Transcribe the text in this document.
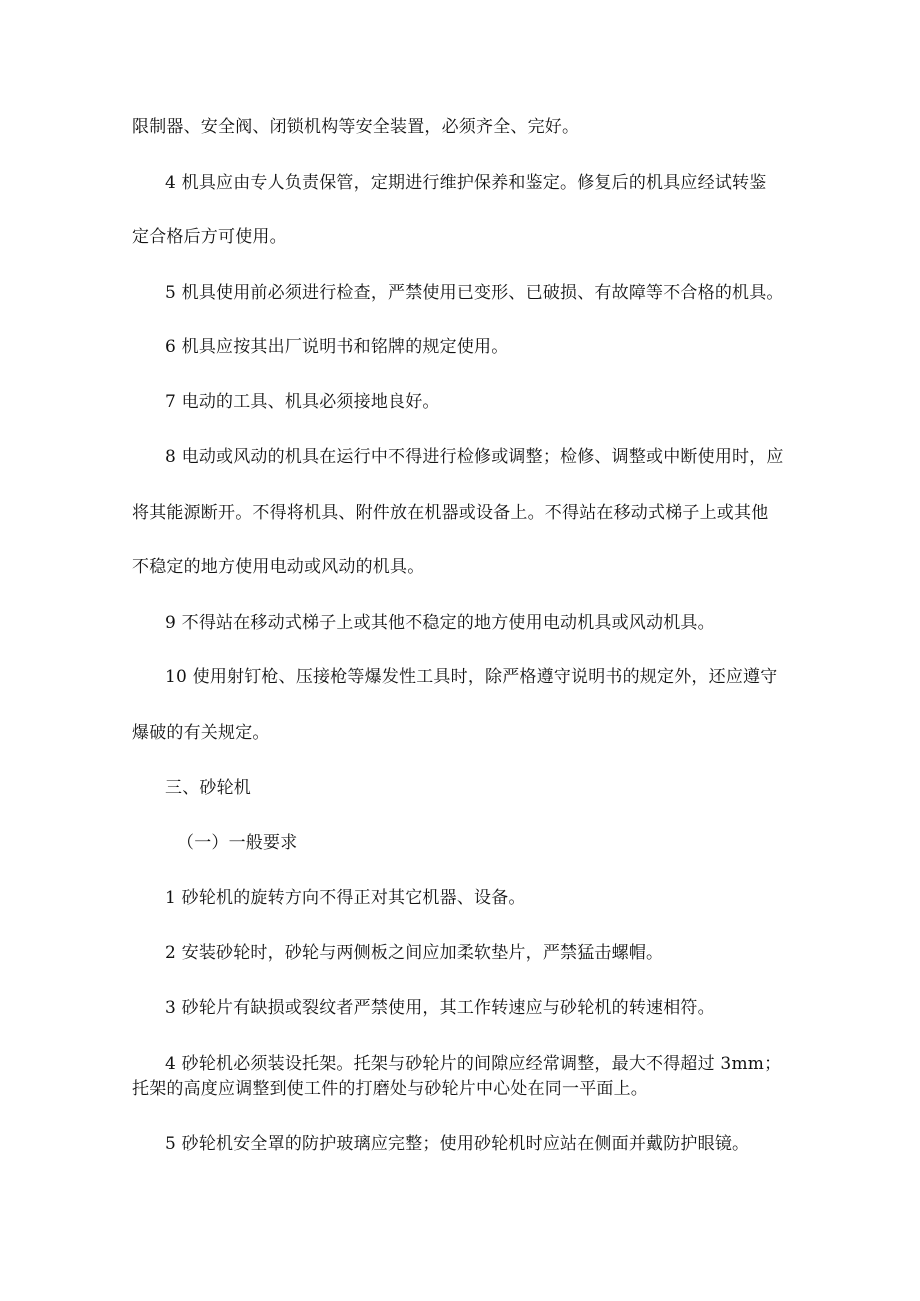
限制器、安全阀、闭锁机构等安全装置，必须齐全、完好。

4 机具应由专人负责保管，定期进行维护保养和鉴定。修复后的机具应经试转鉴

定合格后方可使用。

5 机具使用前必须进行检查，严禁使用已变形、已破损、有故障等不合格的机具。

6 机具应按其出厂说明书和铭牌的规定使用。

7 电动的工具、机具必须接地良好。

8 电动或风动的机具在运行中不得进行检修或调整；检修、调整或中断使用时，应

将其能源断开。不得将机具、附件放在机器或设备上。不得站在移动式梯子上或其他

不稳定的地方使用电动或风动的机具。

9 不得站在移动式梯子上或其他不稳定的地方使用电动机具或风动机具。

10 使用射钉枪、压接枪等爆发性工具时，除严格遵守说明书的规定外，还应遵守

爆破的有关规定。

三、砂轮机

（一）一般要求

1 砂轮机的旋转方向不得正对其它机器、设备。

2 安装砂轮时，砂轮与两侧板之间应加柔软垫片，严禁猛击螺帽。

3 砂轮片有缺损或裂纹者严禁使用，其工作转速应与砂轮机的转速相符。

4 砂轮机必须装设托架。托架与砂轮片的间隙应经常调整，最大不得超过 3mm；

托架的高度应调整到使工件的打磨处与砂轮片中心处在同一平面上。

5 砂轮机安全罩的防护玻璃应完整；使用砂轮机时应站在侧面并戴防护眼镜。
